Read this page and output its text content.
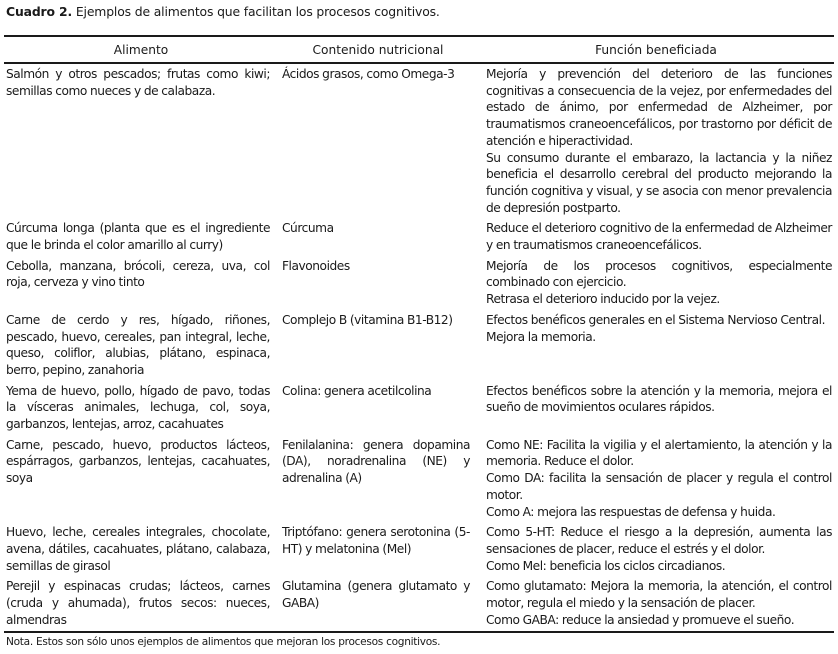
Cuadro 2. Ejemplos de alimentos que facilitan los procesos cognitivos.
Alimento	Contenido nutricional	Función beneficiada
Salmón y otros pescados; frutas como kiwi; semillas como nueces y de calabaza.	Ácidos grasos, como Omega-3	Mejoría y prevención del deterioro de las funciones cognitivas a consecuencia de la vejez, por enfermedades del estado de ánimo, por enfermedad de Alzheimer, por traumatismos craneoencefálicos, por trastorno por déficit de atención e hiperactividad.
Su consumo durante el embarazo, la lactancia y la niñez beneficia el desarrollo cerebral del producto mejorando la función cognitiva y visual, y se asocia con menor prevalencia de depresión postparto.

Cúrcuma longa (planta que es el ingrediente que le brinda el color amarillo al curry)	Cúrcuma	Reduce el deterioro cognitivo de la enfermedad de Alzheimer y en traumatismos craneoencefálicos.

Cebolla, manzana, brócoli, cereza, uva, col roja, cerveza y vino tinto	Flavonoides	Mejoría de los procesos cognitivos, especialmente combinado con ejercicio.
Retrasa el deterioro inducido por la vejez.

Carne de cerdo y res, hígado, riñones, pescado, huevo, cereales, pan integral, leche, queso, coliflor, alubias, plátano, espinaca, berro, pepino, zanahoria	Complejo B (vitamina B1-B12)	Efectos benéficos generales en el Sistema Nervioso Central.
Mejora la memoria.

Yema de huevo, pollo, hígado de pavo, todas la vísceras animales, lechuga, col, soya, garbanzos, lentejas, arroz, cacahuates	Colina: genera acetilcolina	Efectos benéficos sobre la atención y la memoria, mejora el sueño de movimientos oculares rápidos.

Carne, pescado, huevo, productos lácteos, espárragos, garbanzos, lentejas, cacahuates, soya	Fenilalanina: genera dopamina (DA), noradrenalina (NE) y adrenalina (A)	Como NE: Facilita la vigilia y el alertamiento, la atención y la memoria. Reduce el dolor.
Como DA: facilita la sensación de placer y regula el control motor.
Como A: mejora las respuestas de defensa y huida.

Huevo, leche, cereales integrales, chocolate, avena, dátiles, cacahuates, plátano, calabaza, semillas de girasol	Triptófano: genera serotonina (5-HT) y melatonina (Mel)	Como 5-HT: Reduce el riesgo a la depresión, aumenta las sensaciones de placer, reduce el estrés y el dolor.
Como Mel: beneficia los ciclos circadianos.

Perejil y espinacas crudas; lácteos, carnes (cruda y ahumada), frutos secos: nueces, almendras	Glutamina (genera glutamato y GABA)	Como glutamato: Mejora la memoria, la atención, el control motor, regula el miedo y la sensación de placer.
Como GABA: reduce la ansiedad y promueve el sueño.
Nota. Estos son sólo unos ejemplos de alimentos que mejoran los procesos cognitivos.
